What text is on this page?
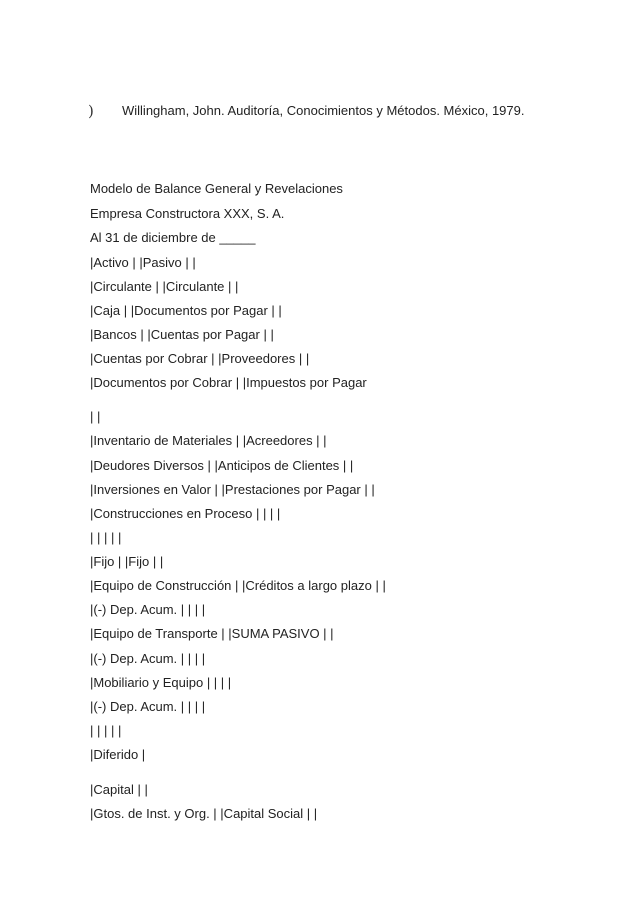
) Willingham, John. Auditoría, Conocimientos y Métodos. México, 1979.
Modelo de Balance General y Revelaciones
Empresa Constructora XXX, S. A.
Al 31 de diciembre de _____
|Activo | |Pasivo | |
|Circulante | |Circulante | |
|Caja | |Documentos por Pagar | |
|Bancos | |Cuentas por Pagar | |
|Cuentas por Cobrar | |Proveedores | |
|Documentos por Cobrar | |Impuestos por Pagar
| |
|Inventario de Materiales | |Acreedores | |
|Deudores Diversos | |Anticipos de Clientes | |
|Inversiones en Valor | |Prestaciones por Pagar | |
|Construcciones en Proceso | | | |
| | | | |
|Fijo | |Fijo | |
|Equipo de Construcción | |Créditos a largo plazo | |
|(-) Dep. Acum. | | | |
|Equipo de Transporte | |SUMA PASIVO | |
|(-) Dep. Acum. | | | |
|Mobiliario y Equipo | | | |
|(-) Dep. Acum. | | | |
| | | | |
|Diferido |
|Capital | |
|Gtos. de Inst. y Org. | |Capital Social | |
